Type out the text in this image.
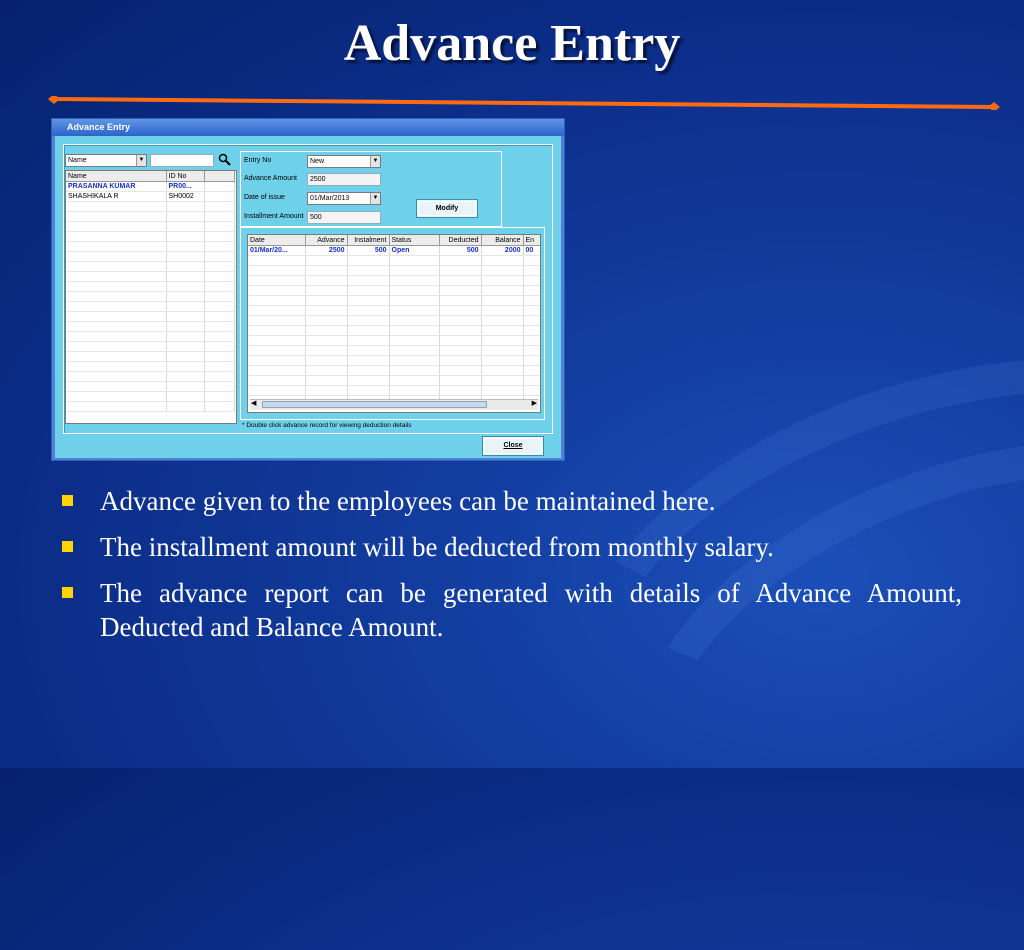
Advance Entry
Advance Entry
Name	▼
Name	ID No	
PRASANNA KUMAR	PR00...	
SHASHIKALA R	SH0002	

Entry No	New	▼
Advance Amount	2500
Date of issue	01/Mar/2013	▼
Installment Amount 500
Modify
Date	Advance	Instalment	Status	Deducted	Balance	En
01/Mar/20...	2500	500	Open	500	2000	00

◀	▶
* Double click advance record for viewing deduction details
Close
Advance given to the employees can be maintained here.
The installment amount will be deducted from monthly salary.
The advance report can be generated with details of Advance Amount, Deducted and Balance Amount.
